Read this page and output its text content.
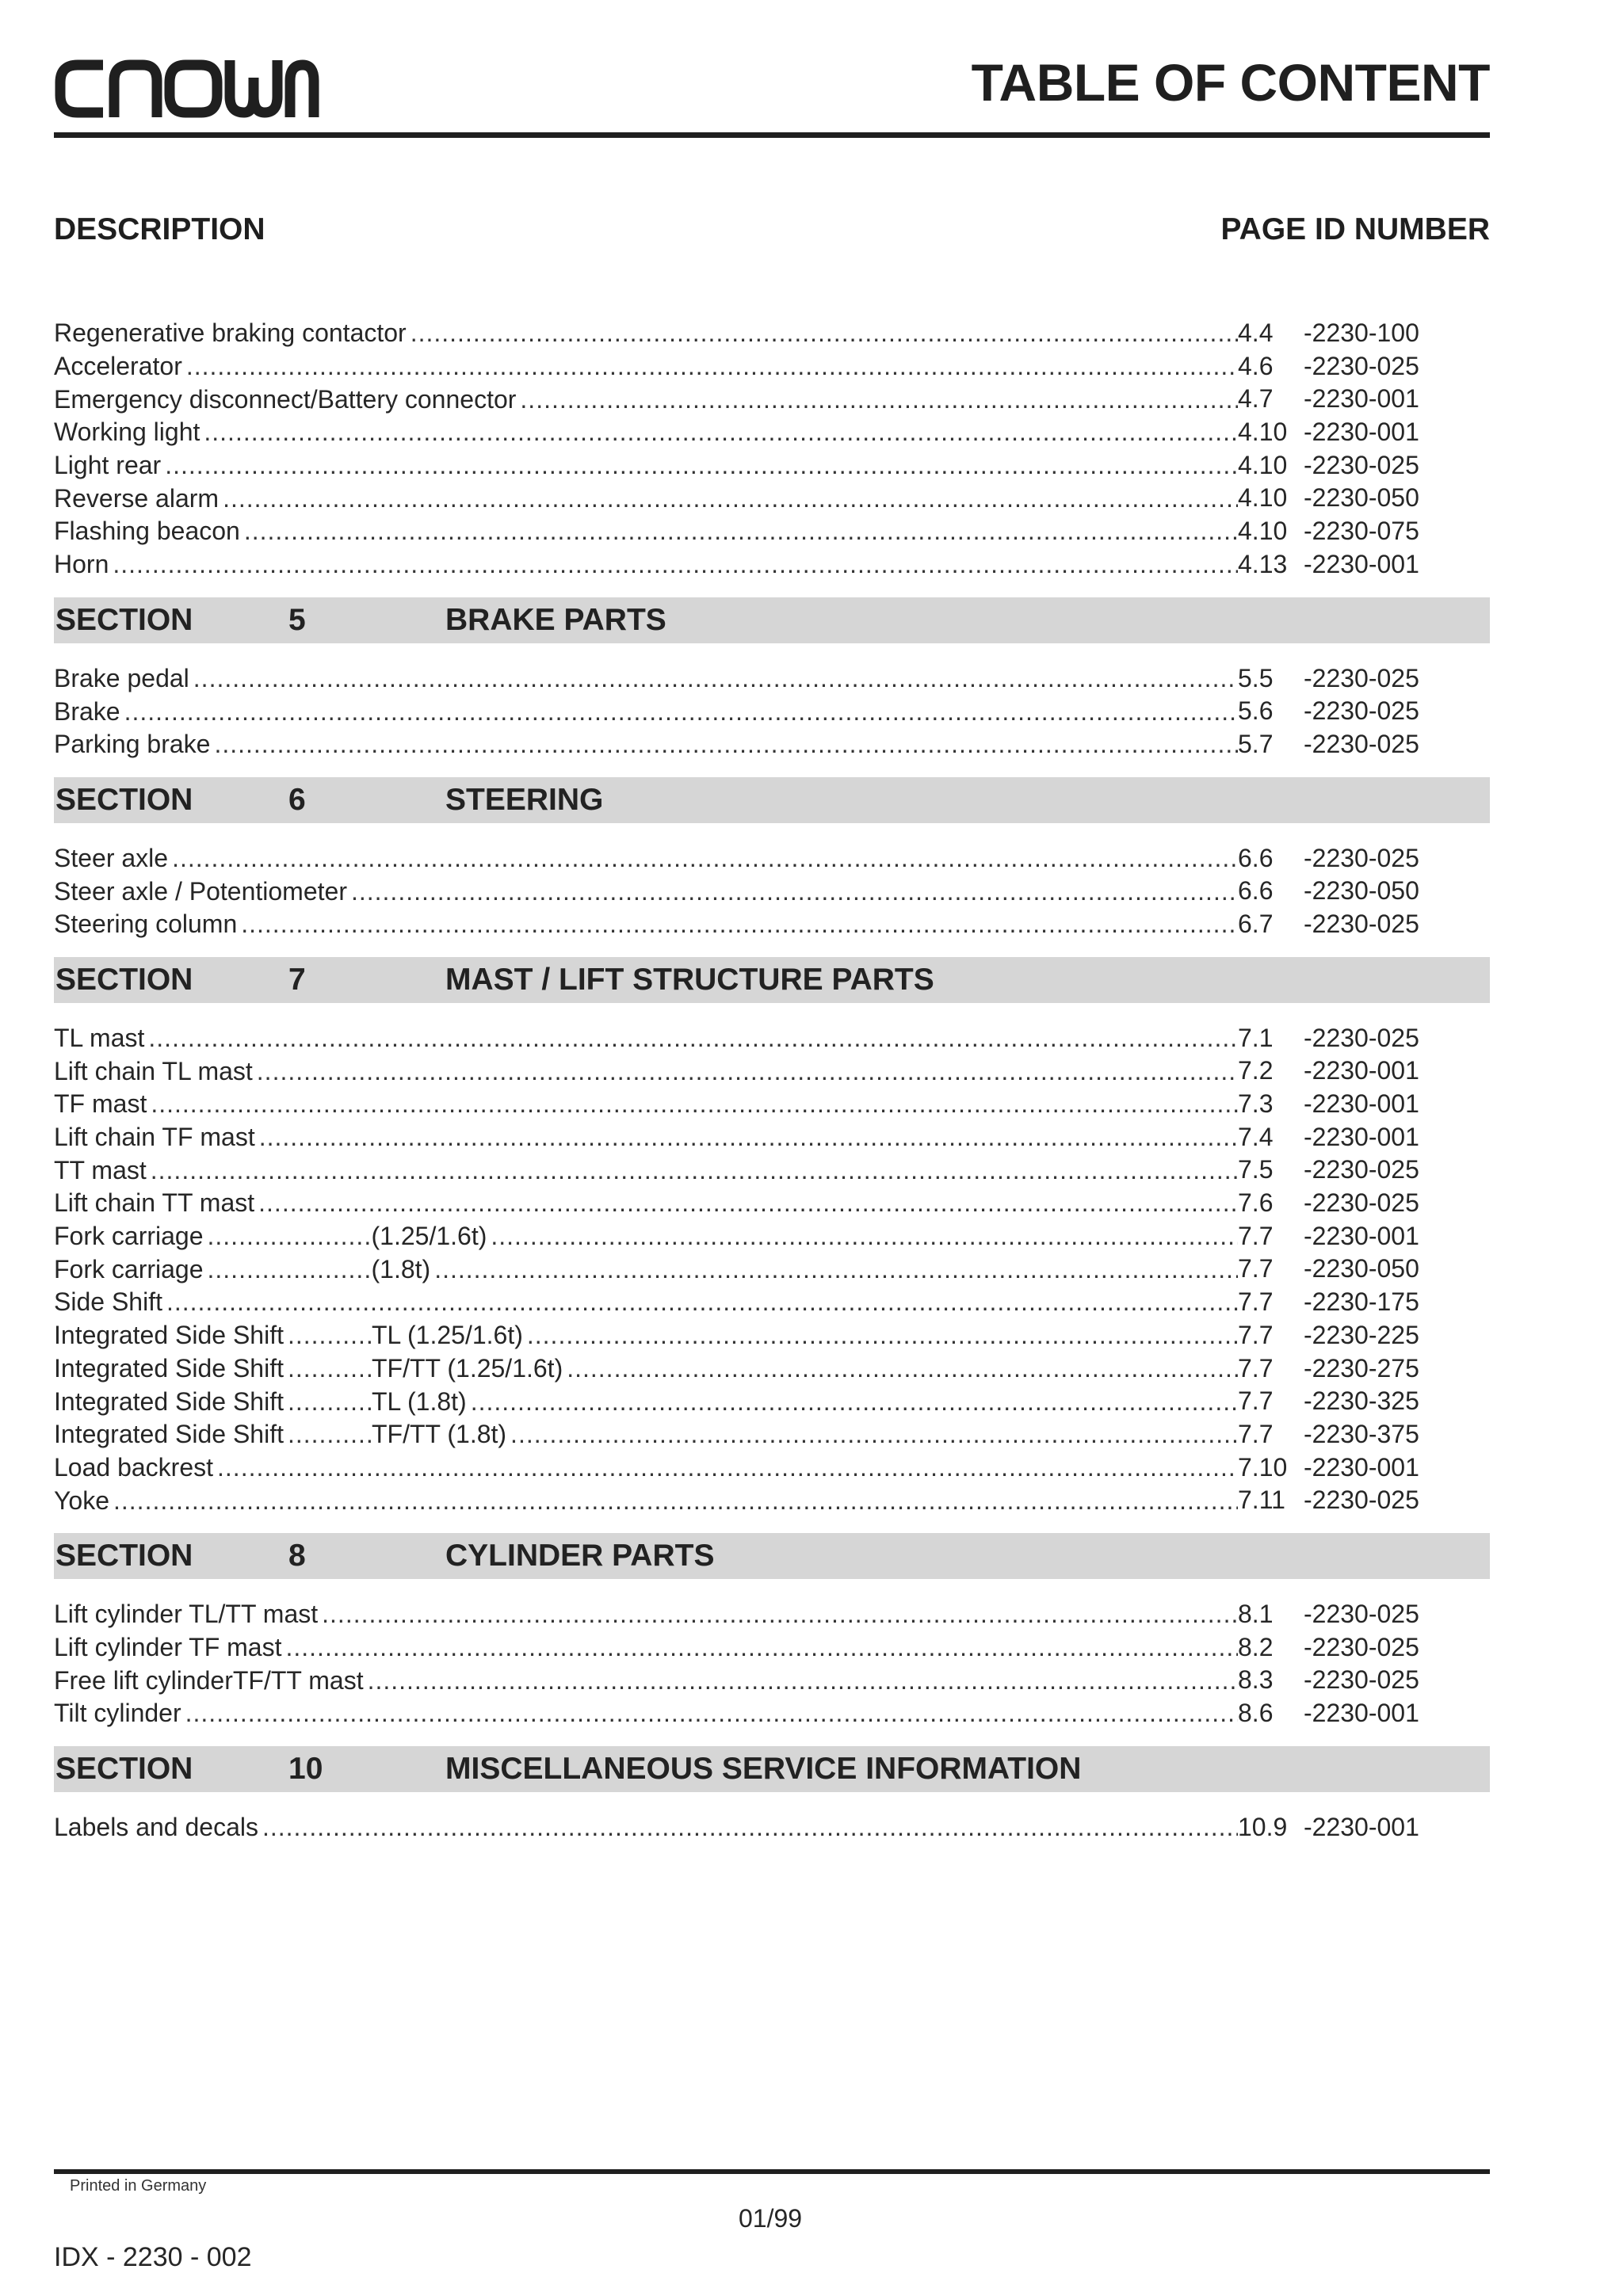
TABLE OF CONTENT
DESCRIPTION	PAGE ID NUMBER
Regenerative braking contactor .....	4.4 -2230-100
Accelerator .....	4.6 -2230-025
Emergency disconnect/Battery connector .....	4.7 -2230-001
Working light .....	4.10 -2230-001
Light rear .....	4.10 -2230-025
Reverse alarm .....	4.10 -2230-050
Flashing beacon .....	4.10 -2230-075
Horn .....	4.13 -2230-001
SECTION	5	BRAKE PARTS
Brake pedal .....	5.5 -2230-025
Brake .....	5.6 -2230-025
Parking brake .....	5.7 -2230-025
SECTION	6	STEERING
Steer axle .....	6.6 -2230-025
Steer axle / Potentiometer .....	6.6 -2230-050
Steering column .....	6.7 -2230-025
SECTION	7	MAST / LIFT STRUCTURE PARTS
TL mast .....	7.1 -2230-025
Lift chain TL mast .....	7.2 -2230-001
TF mast .....	7.3 -2230-001
Lift chain TF mast .....	7.4 -2230-001
TT mast .....	7.5 -2230-025
Lift chain TT mast .....	7.6 -2230-025
Fork carriage .....	(1.25/1.6t) .....	7.7 -2230-001
Fork carriage .....	(1.8t) .....	7.7 -2230-050
Side Shift .....	7.7 -2230-175
Integrated Side Shift .....	TL (1.25/1.6t) .....	7.7 -2230-225
Integrated Side Shift .....	TF/TT (1.25/1.6t) .....	7.7 -2230-275
Integrated Side Shift .....	TL (1.8t) .....	7.7 -2230-325
Integrated Side Shift .....	TF/TT (1.8t) .....	7.7 -2230-375
Load backrest .....	7.10 -2230-001
Yoke .....	7.11 -2230-025
SECTION	8	CYLINDER PARTS
Lift cylinder TL/TT mast .....	8.1 -2230-025
Lift cylinder TF mast .....	8.2 -2230-025
Free lift cylinderTF/TT mast .....	8.3 -2230-025
Tilt cylinder .....	8.6 -2230-001
SECTION	10	MISCELLANEOUS SERVICE INFORMATION
Labels and decals .....	10.9 -2230-001
Printed in Germany
01/99
IDX - 2230 - 002
